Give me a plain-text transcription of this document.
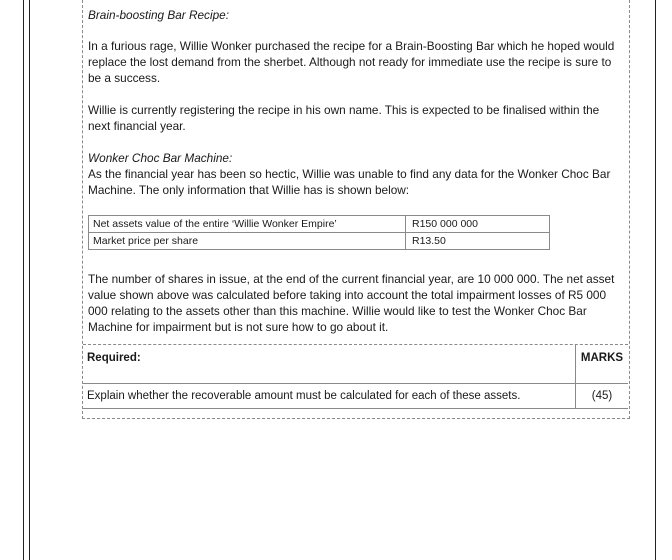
Brain-boosting Bar Recipe:
In a furious rage, Willie Wonker purchased the recipe for a Brain-Boosting Bar which he hoped would replace the lost demand from the sherbet. Although not ready for immediate use the recipe is sure to be a success.
Willie is currently registering the recipe in his own name. This is expected to be finalised within the next financial year.
Wonker Choc Bar Machine:
As the financial year has been so hectic, Willie was unable to find any data for the Wonker Choc Bar Machine. The only information that Willie has is shown below:
Net assets value of the entire ‘Willie Wonker Empire’	R150 000 000
Market price per share	R13.50
The number of shares in issue, at the end of the current financial year, are 10 000 000. The net asset value shown above was calculated before taking into account the total impairment losses of R5 000 000 relating to the assets other than this machine. Willie would like to test the Wonker Choc Bar Machine for impairment but is not sure how to go about it.
Required:	MARKS
Explain whether the recoverable amount must be calculated for each of these assets.	(45)
